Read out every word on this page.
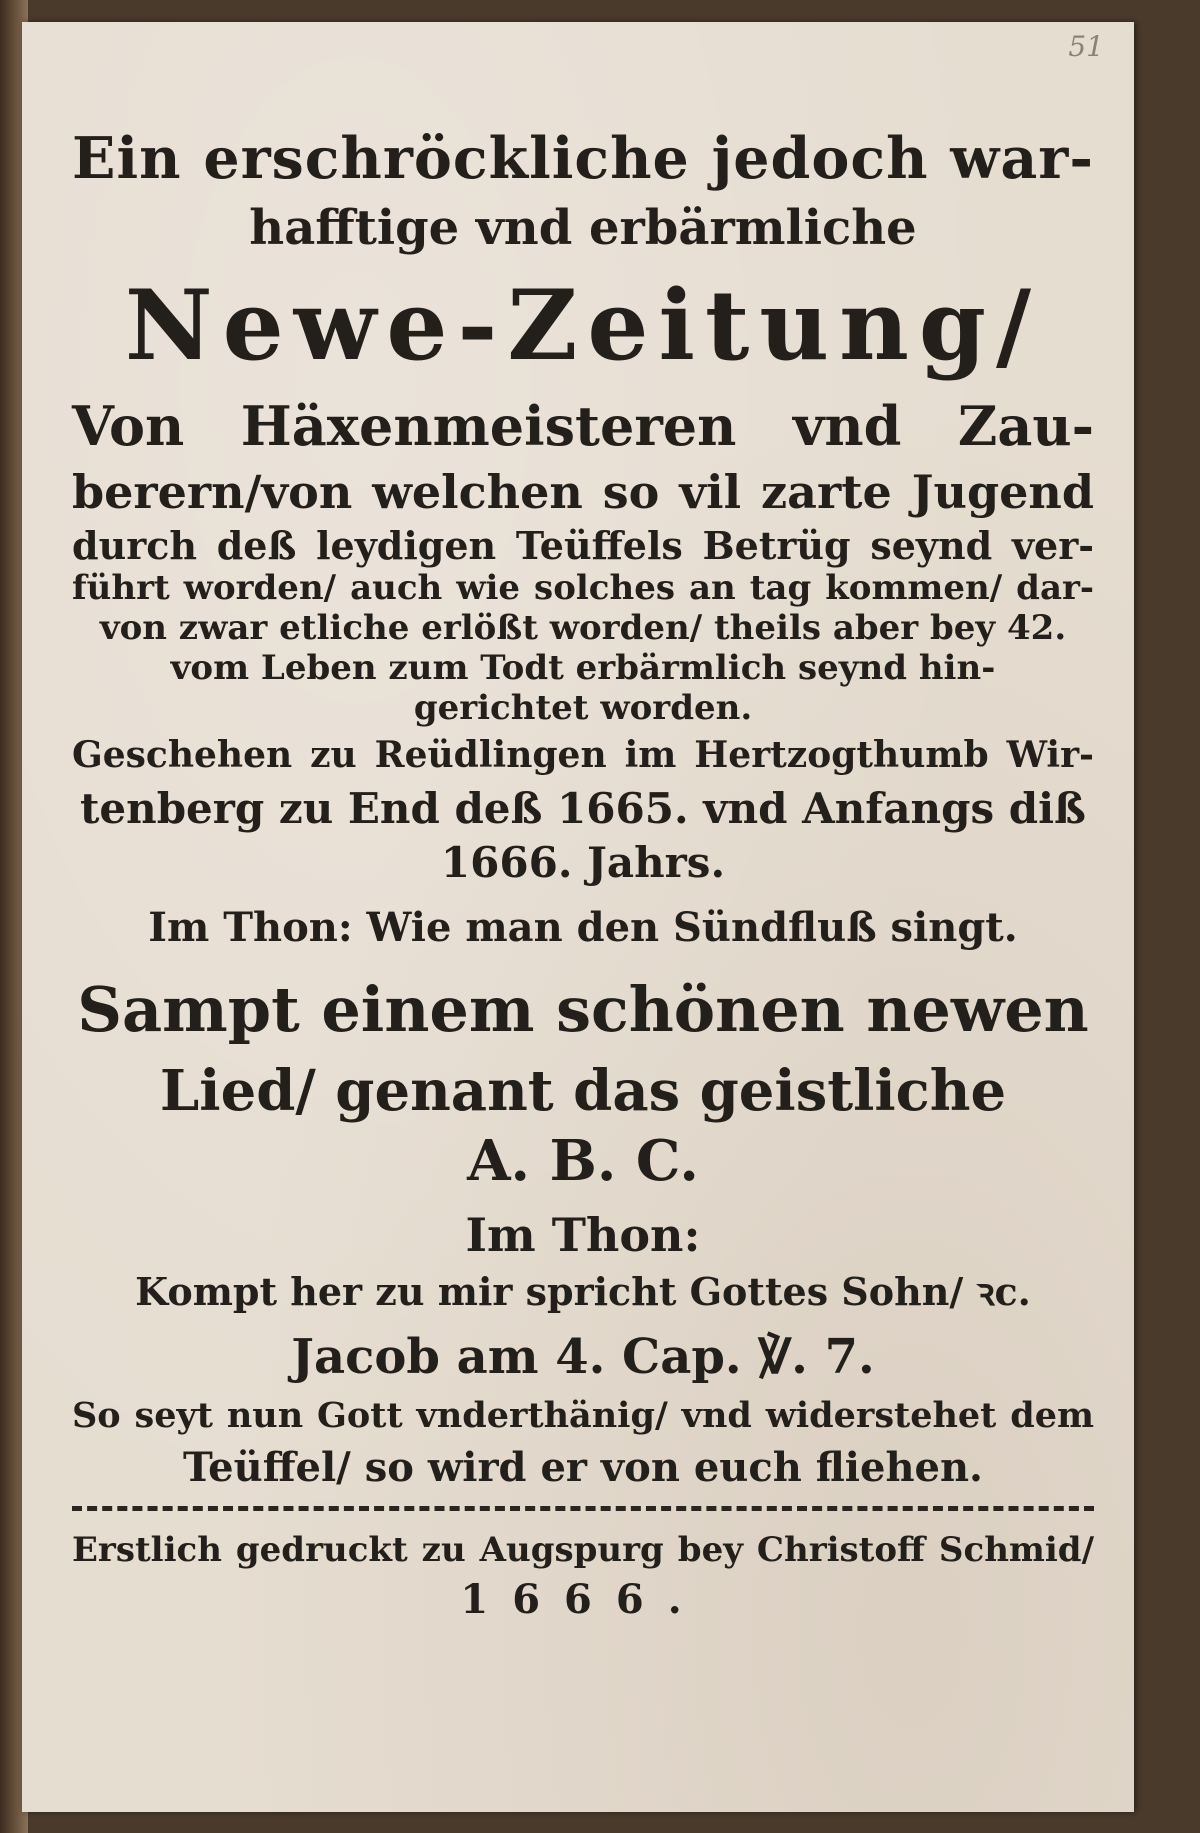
51
Ein erschröckliche jedoch war-
hafftige vnd erbärmliche
Newe-Zeitung/
Von Häxenmeisteren vnd Zau-
berern/von welchen so vil zarte Jugend
durch deß leydigen Teüffels Betrüg seynd ver-
führt worden/ auch wie solches an tag kommen/ dar-
von zwar etliche erlößt worden/ theils aber bey 42.
vom Leben zum Todt erbärmlich seynd hin-
gerichtet worden.
Geschehen zu Reüdlingen im Hertzogthumb Wir-
tenberg zu End deß 1665. vnd Anfangs diß
1666. Jahrs.
Im Thon: Wie man den Sündfluß singt.
Sampt einem schönen newen
Lied/ genant das geistliche
A. B. C.
Im Thon:
Kompt her zu mir spricht Gottes Sohn/ ꝛc.
Jacob am 4. Cap. ℣. 7.
So seyt nun Gott vnderthänig/ vnd widerstehet dem
Teüffel/ so wird er von euch fliehen.
Erstlich gedruckt zu Augspurg bey Christoff Schmid/
1666.
